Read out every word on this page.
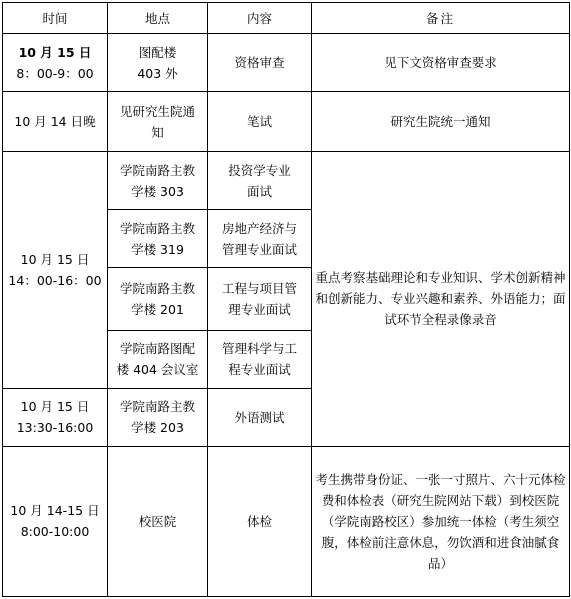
时间	地点	内容	备注

10 月 15 日
8：00-9：00	图配楼
403 外	资格审查	见下文资格审查要求
10 月 14 日晚	见研究生院通
知	笔试	研究生院统一通知

10 月 15 日
14：00-16：00	学院南路主教
学楼 303	投资学专业
面试	重点考察基础理论和专业知识、学术创新精神和创新能力、专业兴趣和素养、外语能力；面试环节全程录像录音

	学院南路主教
学楼 319	房地产经济与
管理专业面试	

	学院南路主教
学楼 201	工程与项目管
理专业面试	

	学院南路图配
楼 404 会议室	管理科学与工
程专业面试	

10 月 15 日
13:30-16:00	学院南路主教
学楼 203	外语测试	

10 月 14-15 日
8:00-10:00	校医院	体检	考生携带身份证、一张一寸照片、六十元体检费和体检表（研究生院网站下载）到校医院（学院南路校区）参加统一体检（考生须空腹，体检前注意休息，勿饮酒和进食油腻食品）
